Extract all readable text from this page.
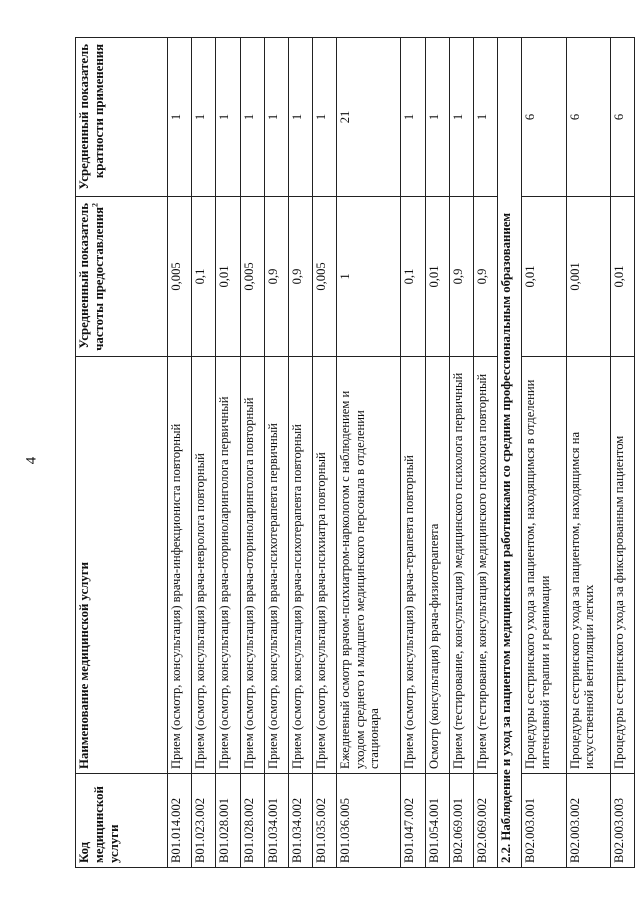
4
Код медицинской услуги	Наименование медицинской услуги	Усредненный показатель частоты предоставления$^2$	Усредненный показатель кратности применения
B01.014.002	Прием (осмотр, консультация) врача-инфекциониста повторный	0,005	1
B01.023.002	Прием (осмотр, консультация) врача-невролога повторный	0,1	1
B01.028.001	Прием (осмотр, консультация) врача-оториноларинголога первичный	0,01	1
B01.028.002	Прием (осмотр, консультация) врача-оториноларинголога повторный	0,005	1
B01.034.001	Прием (осмотр, консультация) врача-психотерапевта первичный	0,9	1
B01.034.002	Прием (осмотр, консультация) врача-психотерапевта повторный	0,9	1
B01.035.002	Прием (осмотр, консультация) врача-психиатра повторный	0,005	1
B01.036.005	Ежедневный осмотр врачом-психиатром-наркологом с наблюдением и уходом среднего и младшего медицинского персонала в отделении стационара	1	21
B01.047.002	Прием (осмотр, консультация) врача-терапевта повторный	0,1	1
B01.054.001	Осмотр (консультация) врача-физиотерапевта	0,01	1
B02.069.001	Прием (тестирование, консультация) медицинского психолога первичный	0,9	1
B02.069.002	Прием (тестирование, консультация) медицинского психолога повторный	0,9	1
2.2. Наблюдение и уход за пациентом медицинскими работниками со средним профессиональным образованием			
B02.003.001	Процедуры сестринского ухода за пациентом, находящимся в отделении интенсивной терапии и реанимации	0,01	6
B02.003.002	Процедуры сестринского ухода за пациентом, находящимся на искусственной вентиляции легких	0,001	6
B02.003.003	Процедуры сестринского ухода за фиксированным пациентом	0,01	6
